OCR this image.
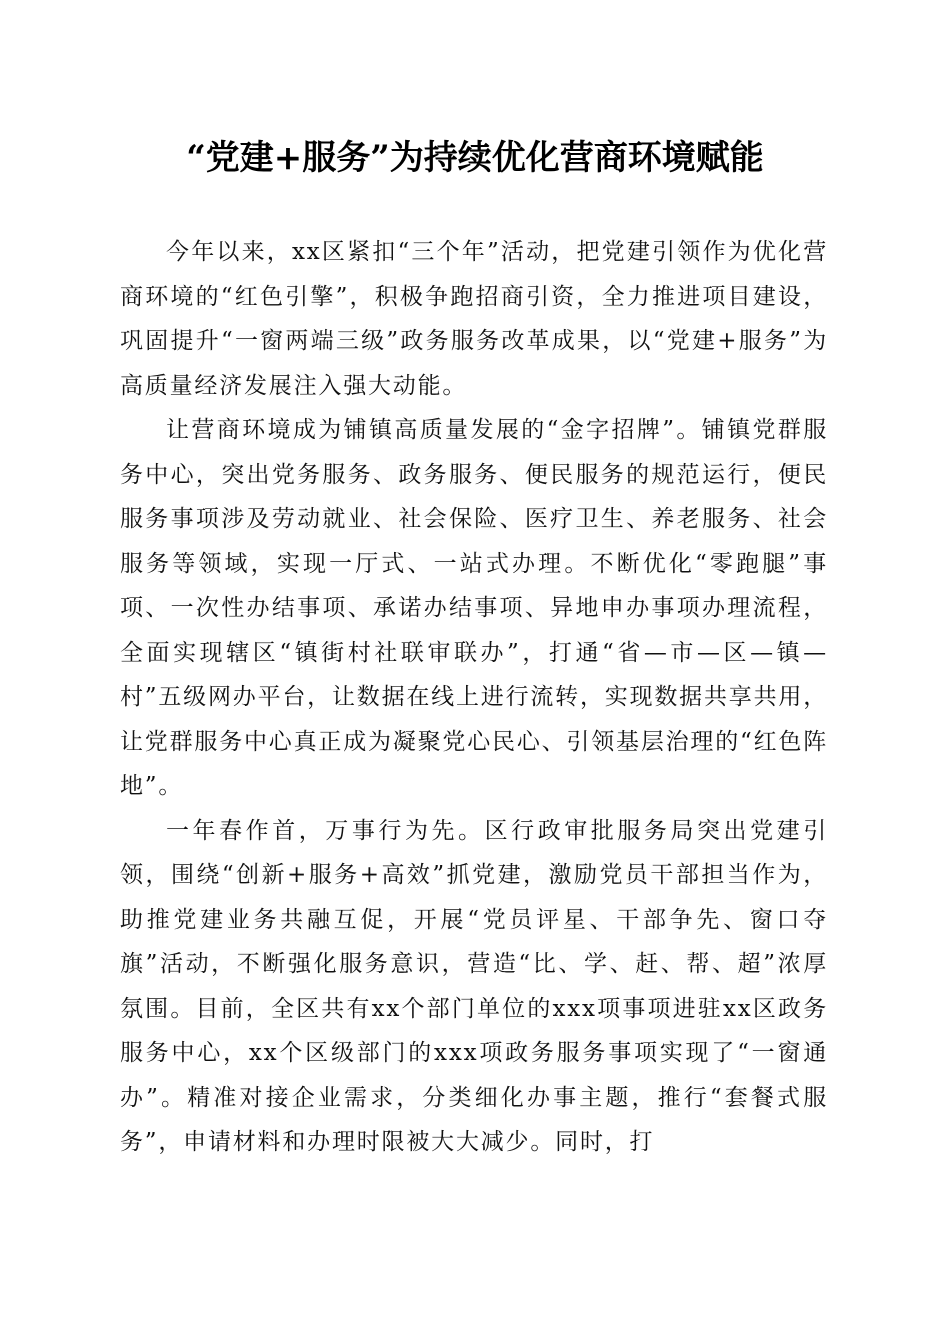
“党建+服务”为持续优化营商环境赋能

今年以来，xx区紧扣“三个年”活动，把党建引领作为优化营商环境的“红色引擎”，积极争跑招商引资，全力推进项目建设，巩固提升“一窗两端三级”政务服务改革成果，以“党建+服务”为高质量经济发展注入强大动能。

让营商环境成为铺镇高质量发展的“金字招牌”。铺镇党群服务中心，突出党务服务、政务服务、便民服务的规范运行，便民服务事项涉及劳动就业、社会保险、医疗卫生、养老服务、社会服务等领域，实现一厅式、一站式办理。不断优化“零跑腿”事项、一次性办结事项、承诺办结事项、异地申办事项办理流程，全面实现辖区“镇街村社联审联办”，打通“省—市—区—镇—村”五级网办平台，让数据在线上进行流转，实现数据共享共用，让党群服务中心真正成为凝聚党心民心、引领基层治理的“红色阵地”。

一年春作首，万事行为先。区行政审批服务局突出党建引领，围绕“创新+服务+高效”抓党建，激励党员干部担当作为，助推党建业务共融互促，开展“党员评星、干部争先、窗口夺旗”活动，不断强化服务意识，营造“比、学、赶、帮、超”浓厚氛围。目前，全区共有xx个部门单位的xxx项事项进驻xx区政务服务中心，xx个区级部门的xxx项政务服务事项实现了“一窗通办”。精准对接企业需求，分类细化办事主题，推行“套餐式服务”，申请材料和办理时限被大大减少。同时，打
